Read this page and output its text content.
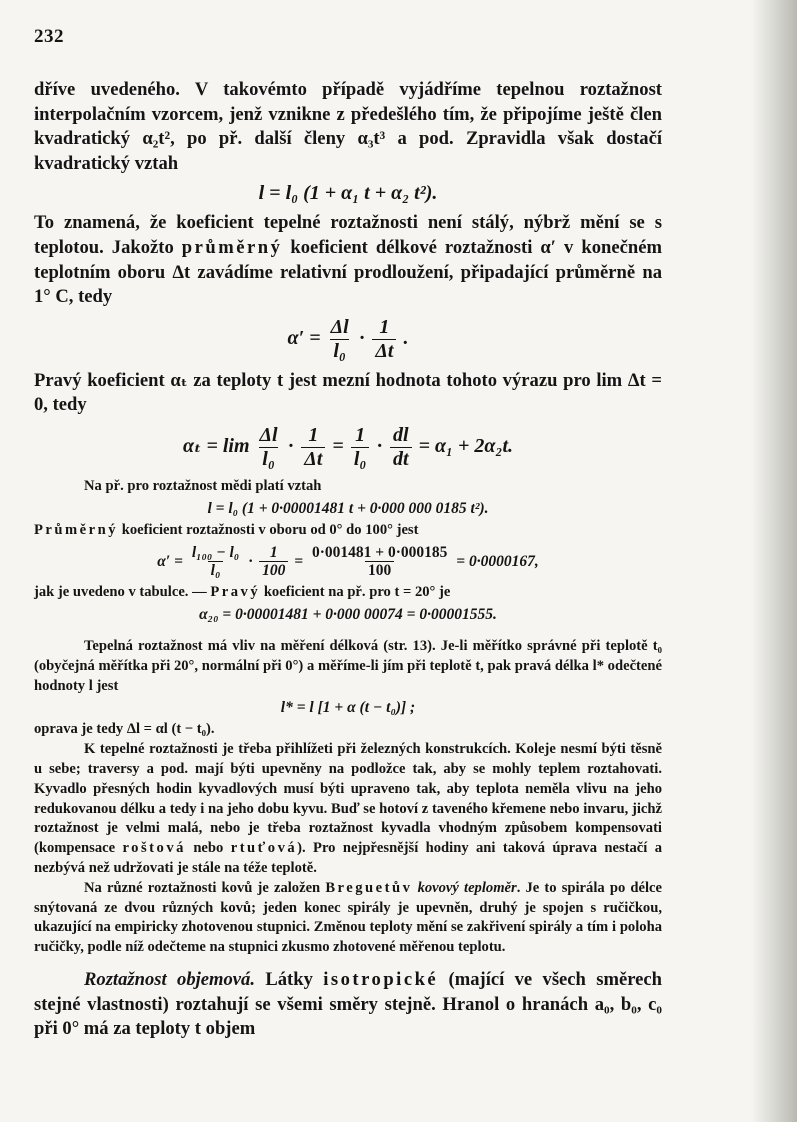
232

dříve uvedeného. V takovémto případě vyjádříme tepelnou roztažnost interpolačním vzorcem, jenž vznikne z předešlého tím, že připojíme ještě člen kvadratický α₂t², po př. další členy α₃t³ a pod. Zpravidla však dostačí kvadratický vztah

l = l₀ (1 + α₁ t + α₂ t²).

To znamená, že koeficient tepelné roztažnosti není stálý, nýbrž mění se s teplotou. Jakožto průměrný koeficient délkové roztažnosti α′ v konečném teplotním oboru Δt zavádíme relativní prodloužení, připadající průměrně na 1° C, tedy

$\alpha' = \frac{\Delta l}{\text{l₀}} \cdot \frac{1}{\Delta t}$ .

Pravý koeficient αₜ za teploty t jest mezní hodnota tohoto výrazu pro lim Δt = 0, tedy

$\alpha_t = \lim \frac{\Delta l}{\text{l₀}} \cdot \frac{1}{\Delta t} = \frac{1}{\text{l₀}} \cdot \frac{dl}{dt} = \alpha_1 + 2\alpha_2t$.

Na př. pro roztažnost mědi platí vztah

l = l₀ (1 + 0·00001481 t + 0·000 000 0185 t²).

Průměrný koeficient roztažnosti v oboru od 0° do 100° jest

$\alpha' = \frac{\text{l₁₀₀ − l₀}}{\text{l₀}} \cdot \frac{1}{100} = \frac{0\cdot 001481 + 0\cdot 000185}{100} = 0\cdot 0000167$,

jak je uvedeno v tabulce. — Pravý koeficient na př. pro t = 20° je

α₂₀ = 0·00001481 + 0·000 00074 = 0·00001555.

Tepelná roztažnost má vliv na měření délková (str. 13). Je-li měřítko správné při teplotě t₀ (obyčejná měřítka při 20°, normální při 0°) a měříme-li jím při teplotě t, pak pravá délka l* odečtené hodnoty l jest

l* = l [1 + α (t − t₀)] ;

oprava je tedy Δl = αl (t − t₀).

K tepelné roztažnosti je třeba přihlížeti při železných konstrukcích. Koleje nesmí býti těsně u sebe; traversy a pod. mají býti upevněny na podložce tak, aby se mohly teplem roztahovati. Kyvadlo přesných hodin kyvadlových musí býti upraveno tak, aby teplota neměla vlivu na jeho redukovanou délku a tedy i na jeho dobu kyvu. Buď se hotoví z taveného křemene nebo invaru, jichž roztažnost je velmi malá, nebo je třeba roztažnost kyvadla vhodným způsobem kompensovati (kompensace roštová nebo rtuťová). Pro nejpřesnější hodiny ani taková úprava nestačí a nezbývá než udržovati je stále na téže teplotě.

Na různé roztažnosti kovů je založen Breguetův kovový teploměr. Je to spirála po délce snýtovaná ze dvou různých kovů; jeden konec spirály je upevněn, druhý je spojen s ručičkou, ukazující na empiricky zhotovenou stupnici. Změnou teploty mění se zakřivení spirály a tím i poloha ručičky, podle níž odečteme na stupnici zkusmo zhotovené měřenou teplotu.

Roztažnost objemová. Látky isotropické (mající ve všech směrech stejné vlastnosti) roztahují se všemi směry stejně. Hranol o hranách a₀, b₀, c₀ při 0° má za teploty t objem
